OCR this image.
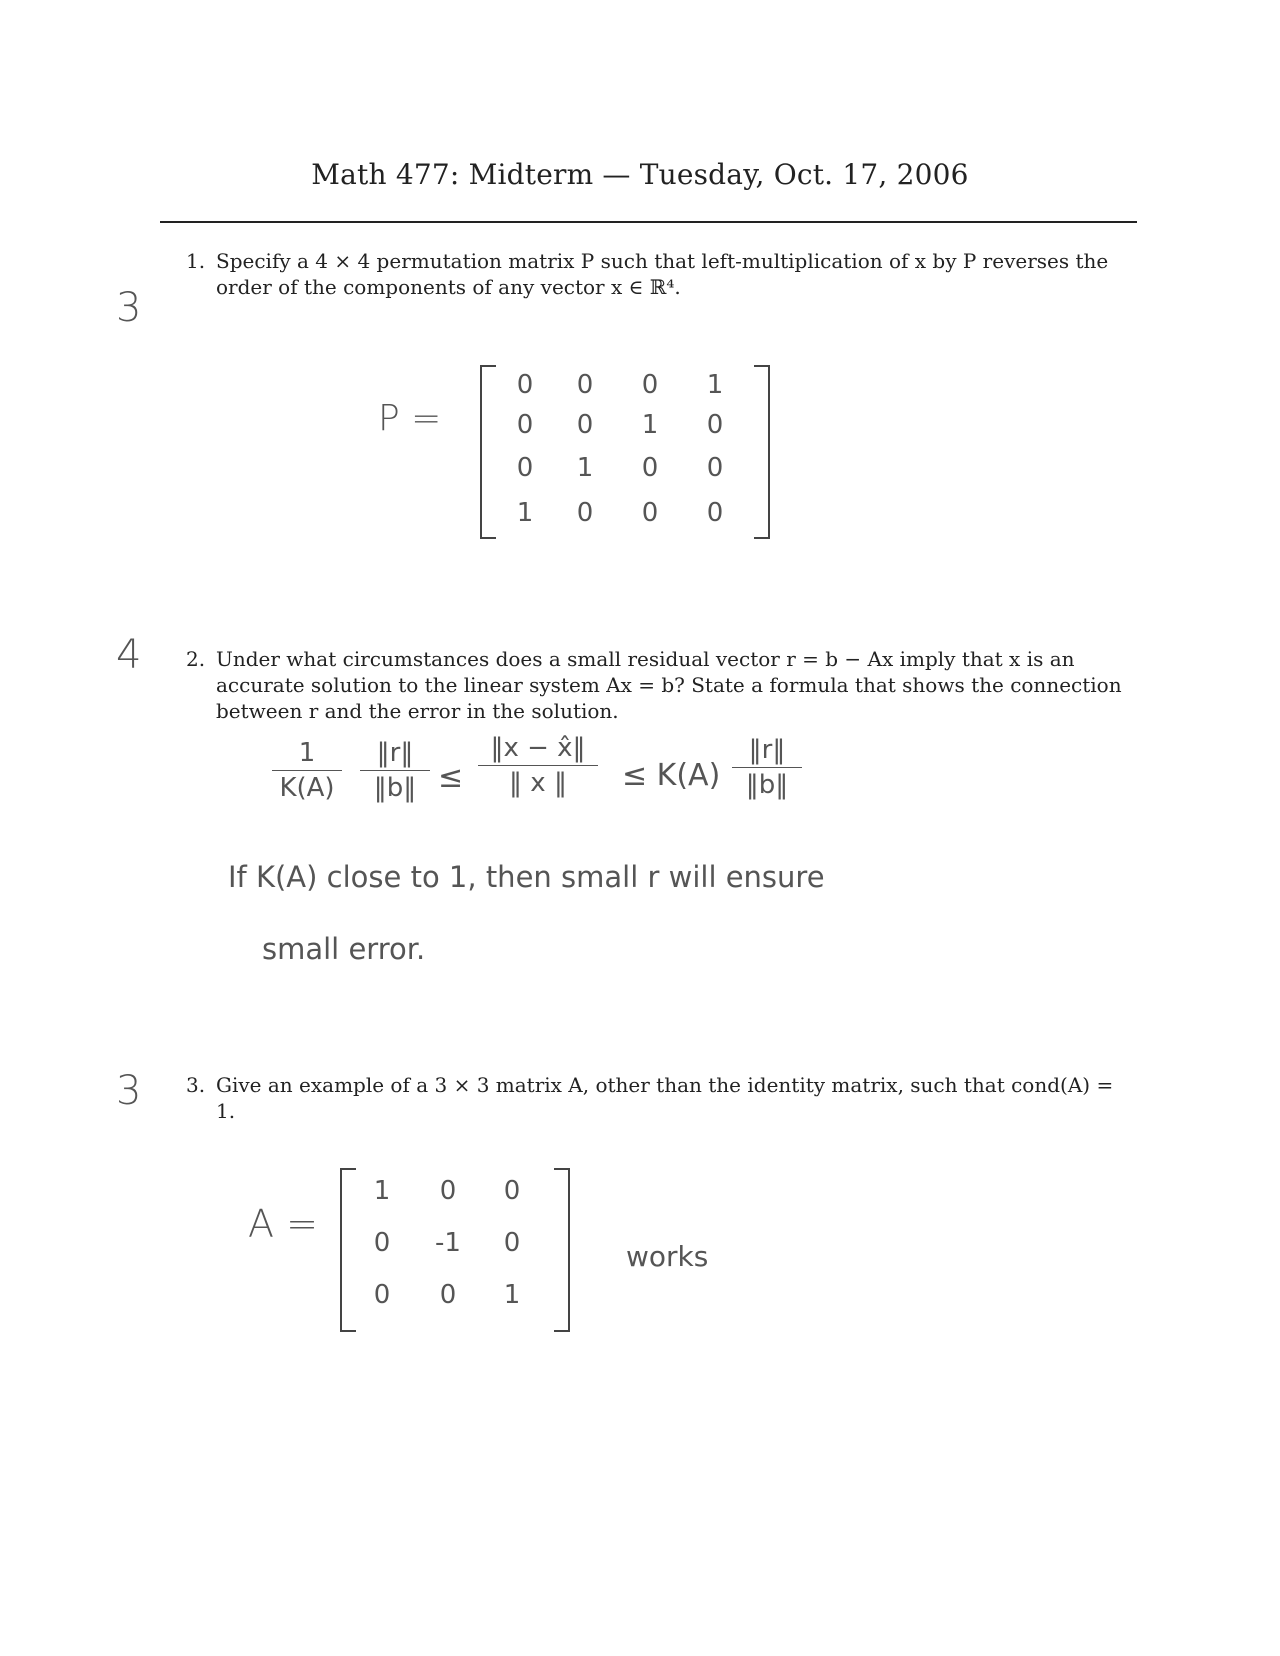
Math 477: Midterm — Tuesday, Oct. 17, 2006
3
4
3
1. Specify a 4 × 4 permutation matrix P such that left-multiplication of x by P reverses the order of the components of any vector x ∈ ℝ⁴.
P =
0	0	0	1
0	0	1	0
0	1	0	0
1	0	0	0
2. Under what circumstances does a small residual vector r = b − Ax imply that x is an accurate solution to the linear system Ax = b? State a formula that shows the connection between r and the error in the solution.
1
K(A)
‖r‖
‖b‖ ≤
‖x − x̂‖
‖ x ‖	≤ K(A)
‖r‖
‖b‖
If K(A) close to 1, then small r will ensure
small error.
3. Give an example of a 3 × 3 matrix A, other than the identity matrix, such that cond(A) = 1.
A =
1	0	0
0	-1	0
0	0	1
works
